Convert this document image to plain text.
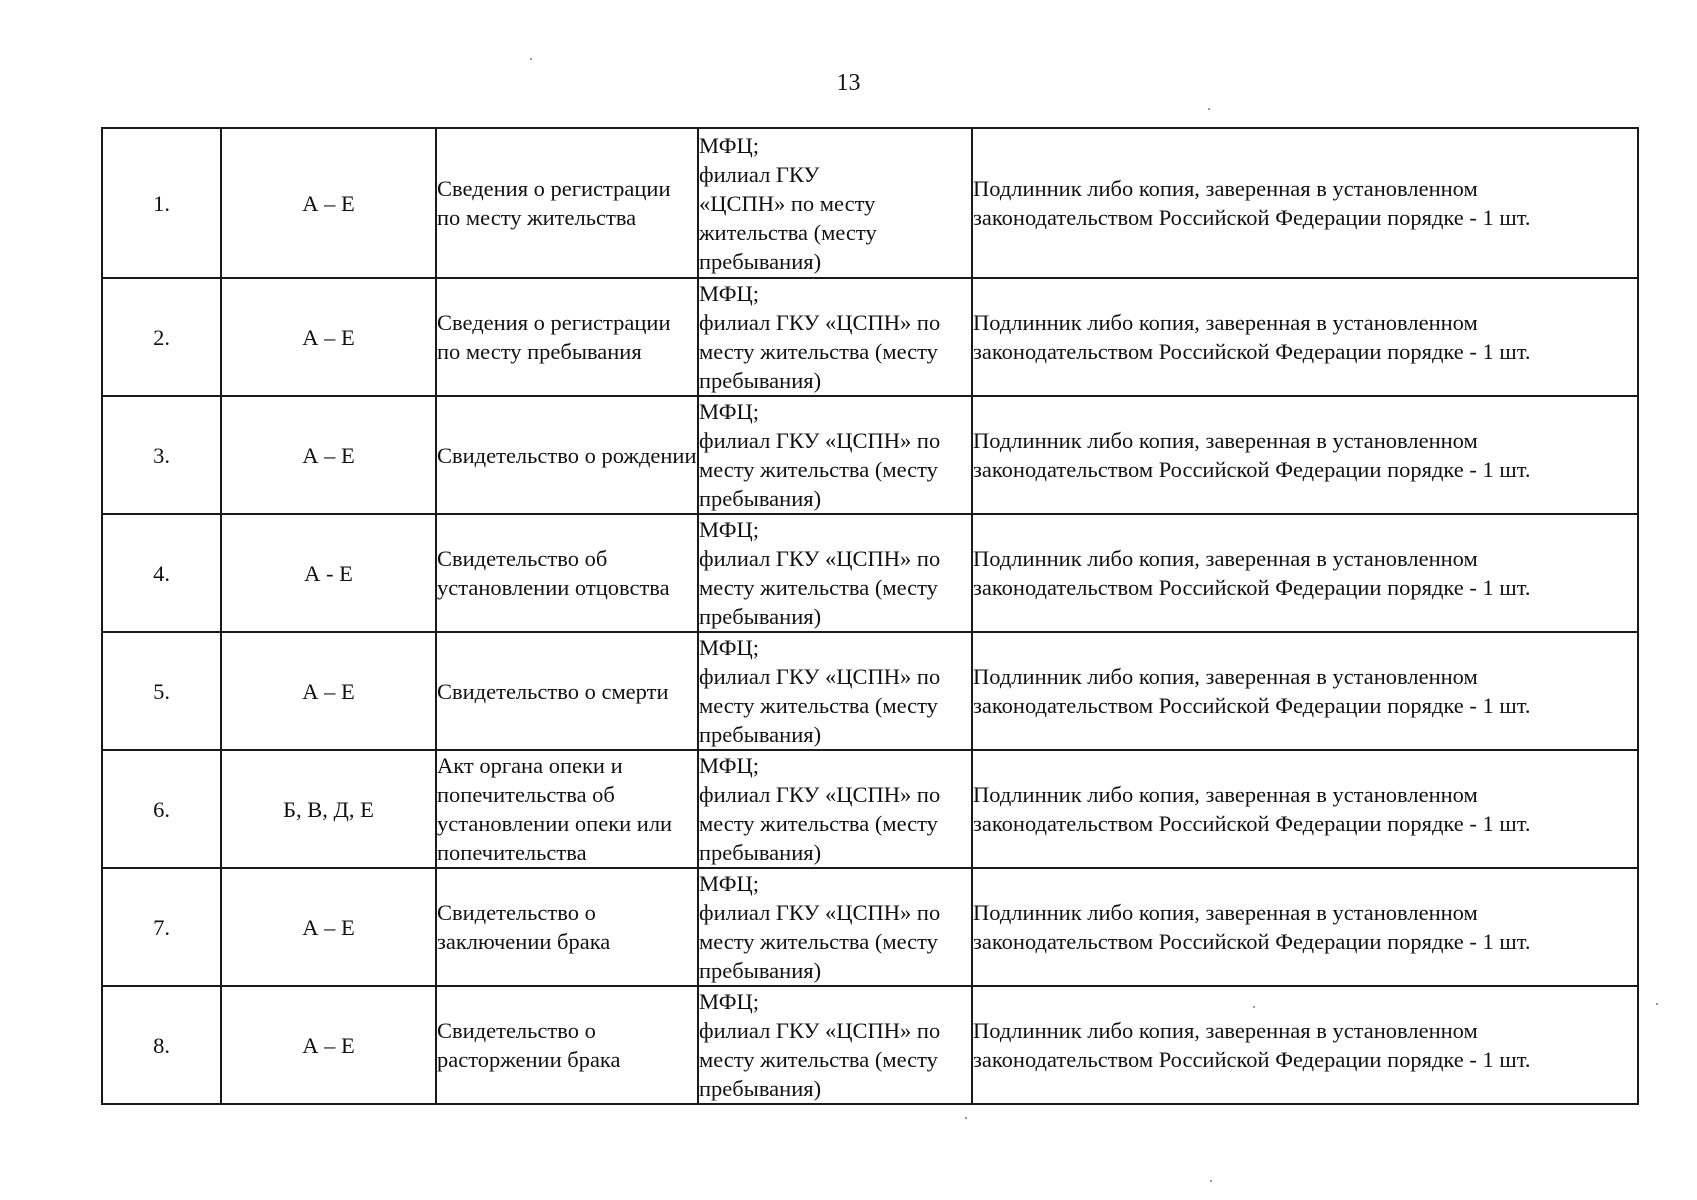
13
1.	А – Е	Сведения о регистрации по месту жительства	МФЦ;
филиал ГКУ
«ЦСПН» по месту
жительства (месту
пребывания)	Подлинник либо копия, заверенная в установленном законодательством Российской Федерации порядке - 1 шт.

2.	А – Е	Сведения о регистрации по месту пребывания	МФЦ;
филиал ГКУ «ЦСПН» по
месту жительства (месту
пребывания)	Подлинник либо копия, заверенная в установленном законодательством Российской Федерации порядке - 1 шт.

3.	А – Е	Свидетельство о рождении	МФЦ;
филиал ГКУ «ЦСПН» по
месту жительства (месту
пребывания)	Подлинник либо копия, заверенная в установленном законодательством Российской Федерации порядке - 1 шт.

4.	А - Е	Свидетельство об установлении отцовства	МФЦ;
филиал ГКУ «ЦСПН» по
месту жительства (месту
пребывания)	Подлинник либо копия, заверенная в установленном законодательством Российской Федерации порядке - 1 шт.

5.	А – Е	Свидетельство о смерти	МФЦ;
филиал ГКУ «ЦСПН» по
месту жительства (месту
пребывания)	Подлинник либо копия, заверенная в установленном законодательством Российской Федерации порядке - 1 шт.

6.	Б, В, Д, Е	Акт органа опеки и попечительства об установлении опеки или попечительства	МФЦ;
филиал ГКУ «ЦСПН» по
месту жительства (месту
пребывания)	Подлинник либо копия, заверенная в установленном законодательством Российской Федерации порядке - 1 шт.

7.	А – Е	Свидетельство о заключении брака	МФЦ;
филиал ГКУ «ЦСПН» по
месту жительства (месту
пребывания)	Подлинник либо копия, заверенная в установленном законодательством Российской Федерации порядке - 1 шт.

8.	А – Е	Свидетельство о расторжении брака	МФЦ;
филиал ГКУ «ЦСПН» по
месту жительства (месту
пребывания)	Подлинник либо копия, заверенная в установленном законодательством Российской Федерации порядке - 1 шт.
